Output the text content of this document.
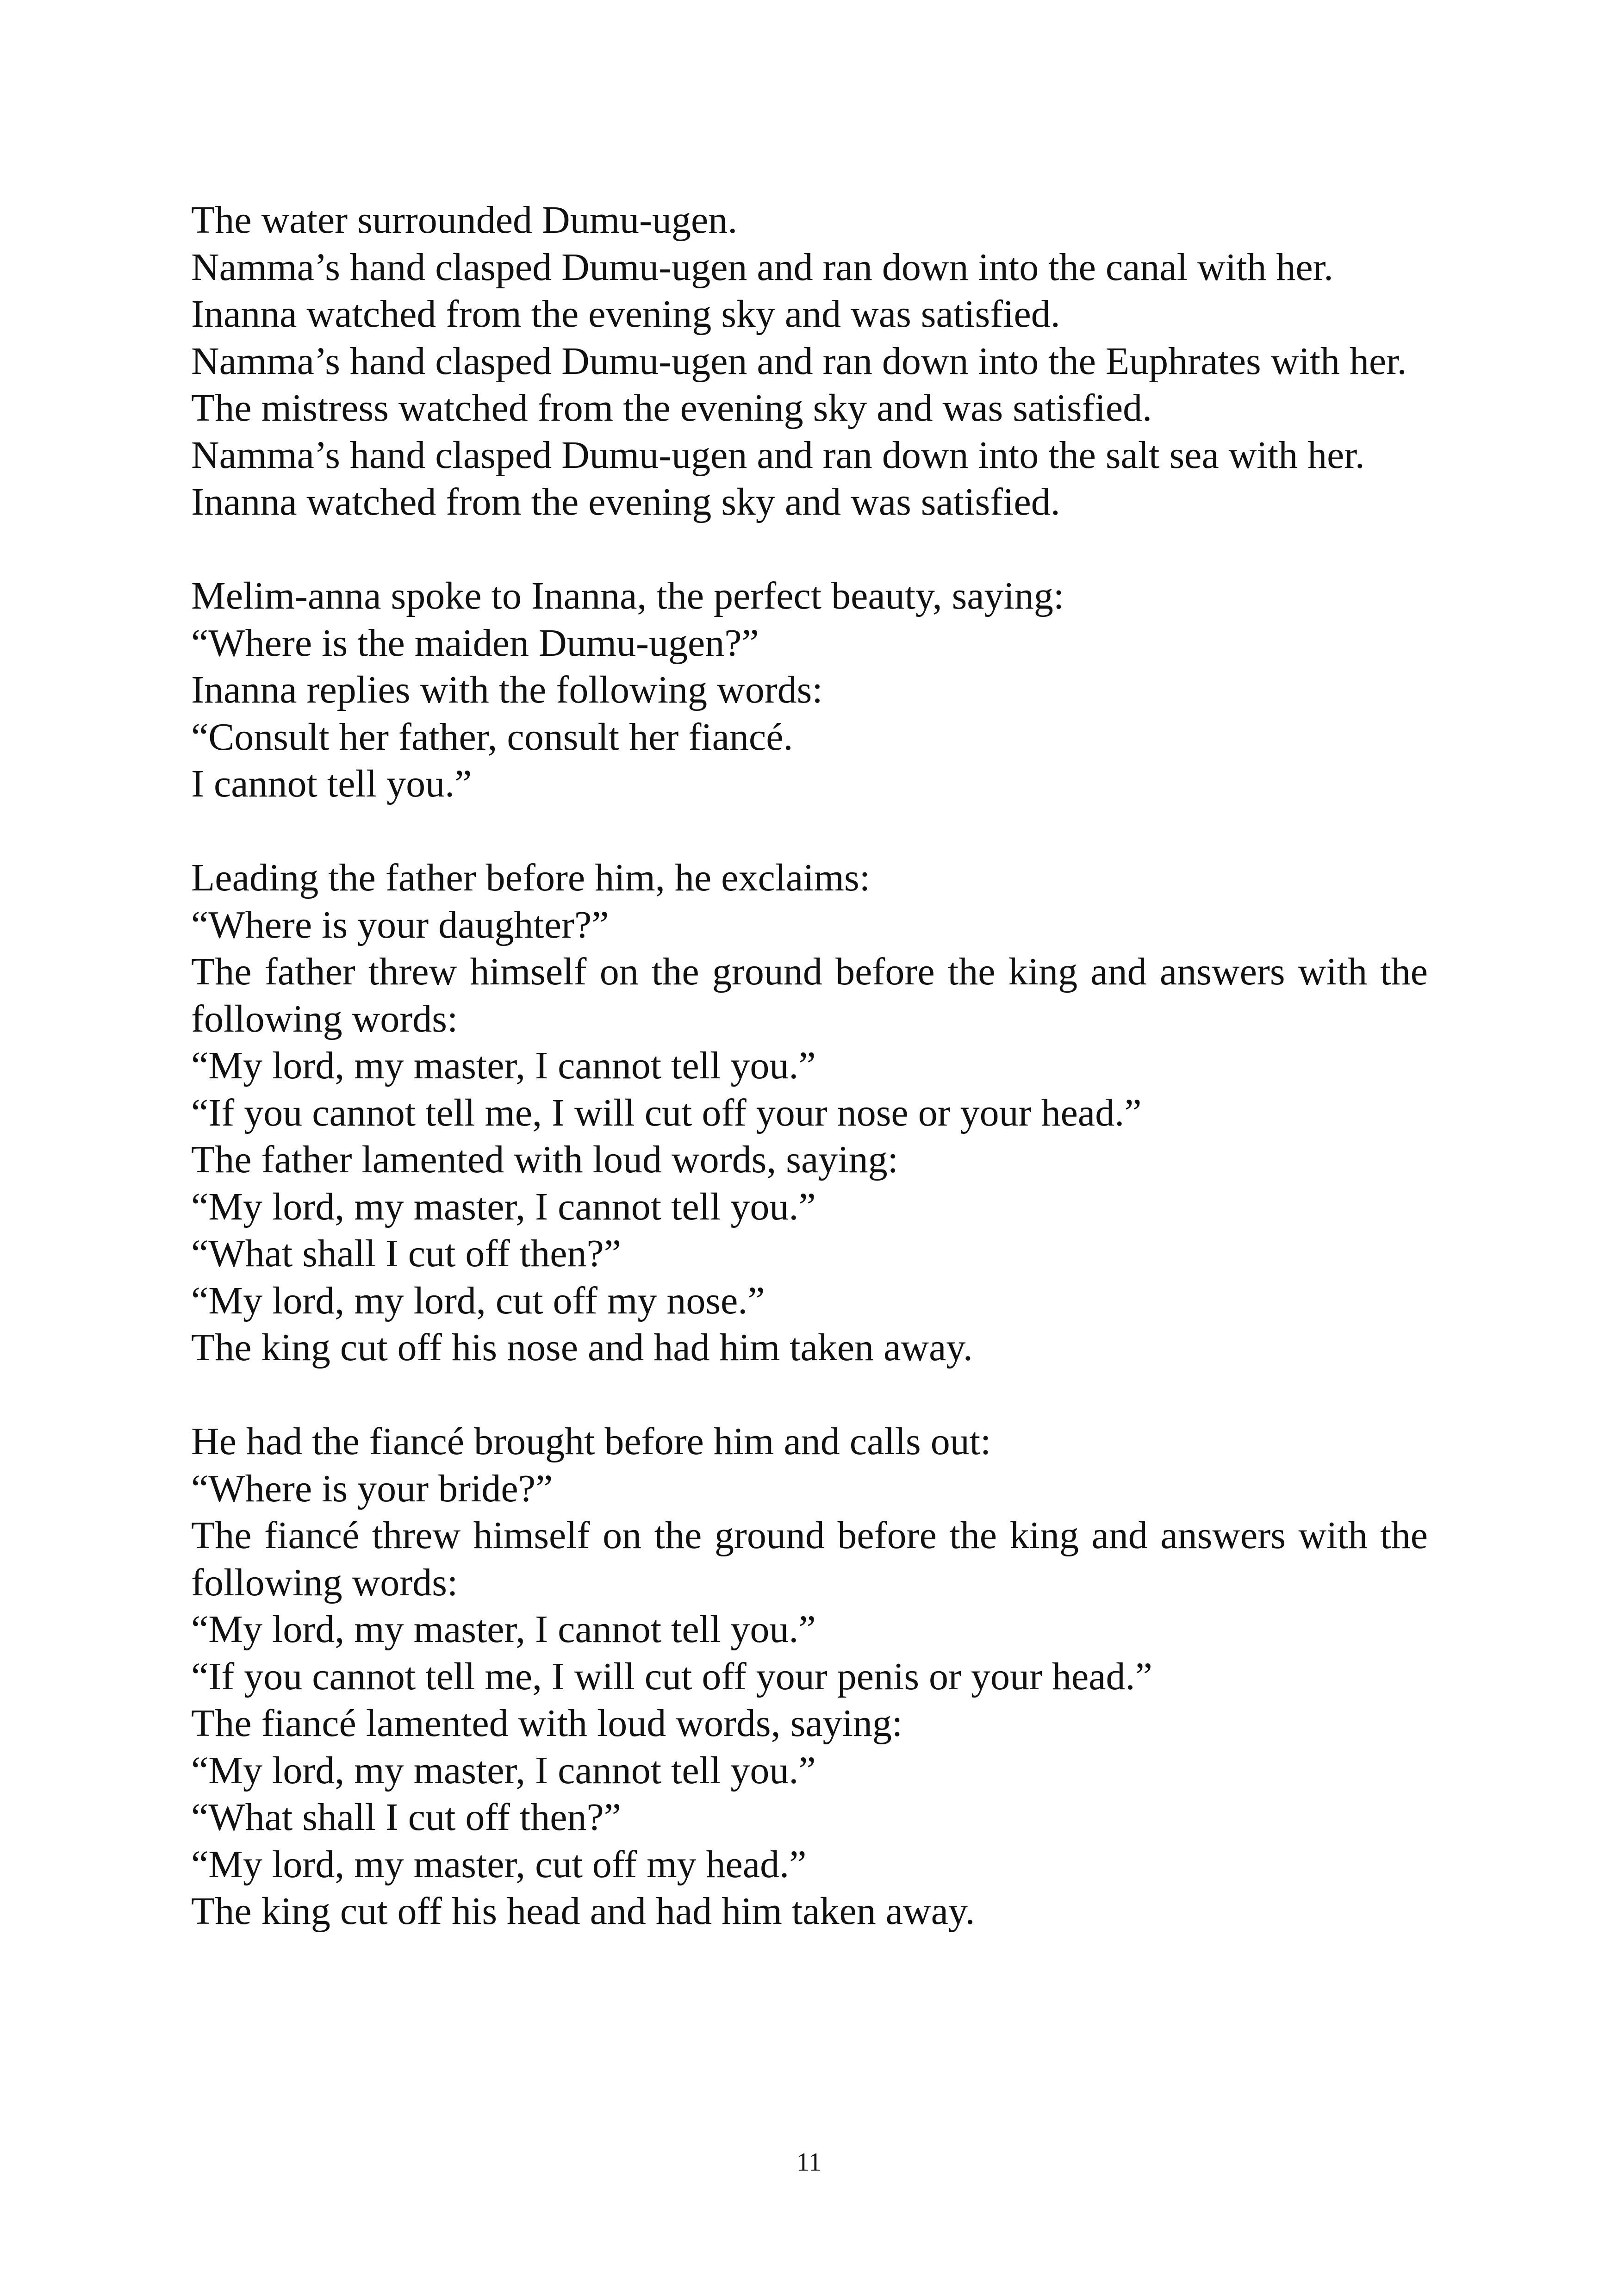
The water surrounded Dumu-ugen.
Namma’s hand clasped Dumu-ugen and ran down into the canal with her.
Inanna watched from the evening sky and was satisfied.
Namma’s hand clasped Dumu-ugen and ran down into the Euphrates with her.
The mistress watched from the evening sky and was satisfied.
Namma’s hand clasped Dumu-ugen and ran down into the salt sea with her.
Inanna watched from the evening sky and was satisfied.
Melim-anna spoke to Inanna, the perfect beauty, saying:
“Where is the maiden Dumu-ugen?”
Inanna replies with the following words:
“Consult her father, consult her fiancé.
I cannot tell you.”
Leading the father before him, he exclaims:
“Where is your daughter?”
The father threw himself on the ground before the king and answers with the following words:
“My lord, my master, I cannot tell you.”
“If you cannot tell me, I will cut off your nose or your head.”
The father lamented with loud words, saying:
“My lord, my master, I cannot tell you.”
“What shall I cut off then?”
“My lord, my lord, cut off my nose.”
The king cut off his nose and had him taken away.
He had the fiancé brought before him and calls out:
“Where is your bride?”
The fiancé threw himself on the ground before the king and answers with the following words:
“My lord, my master, I cannot tell you.”
“If you cannot tell me, I will cut off your penis or your head.”
The fiancé lamented with loud words, saying:
“My lord, my master, I cannot tell you.”
“What shall I cut off then?”
“My lord, my master, cut off my head.”
The king cut off his head and had him taken away.
11
